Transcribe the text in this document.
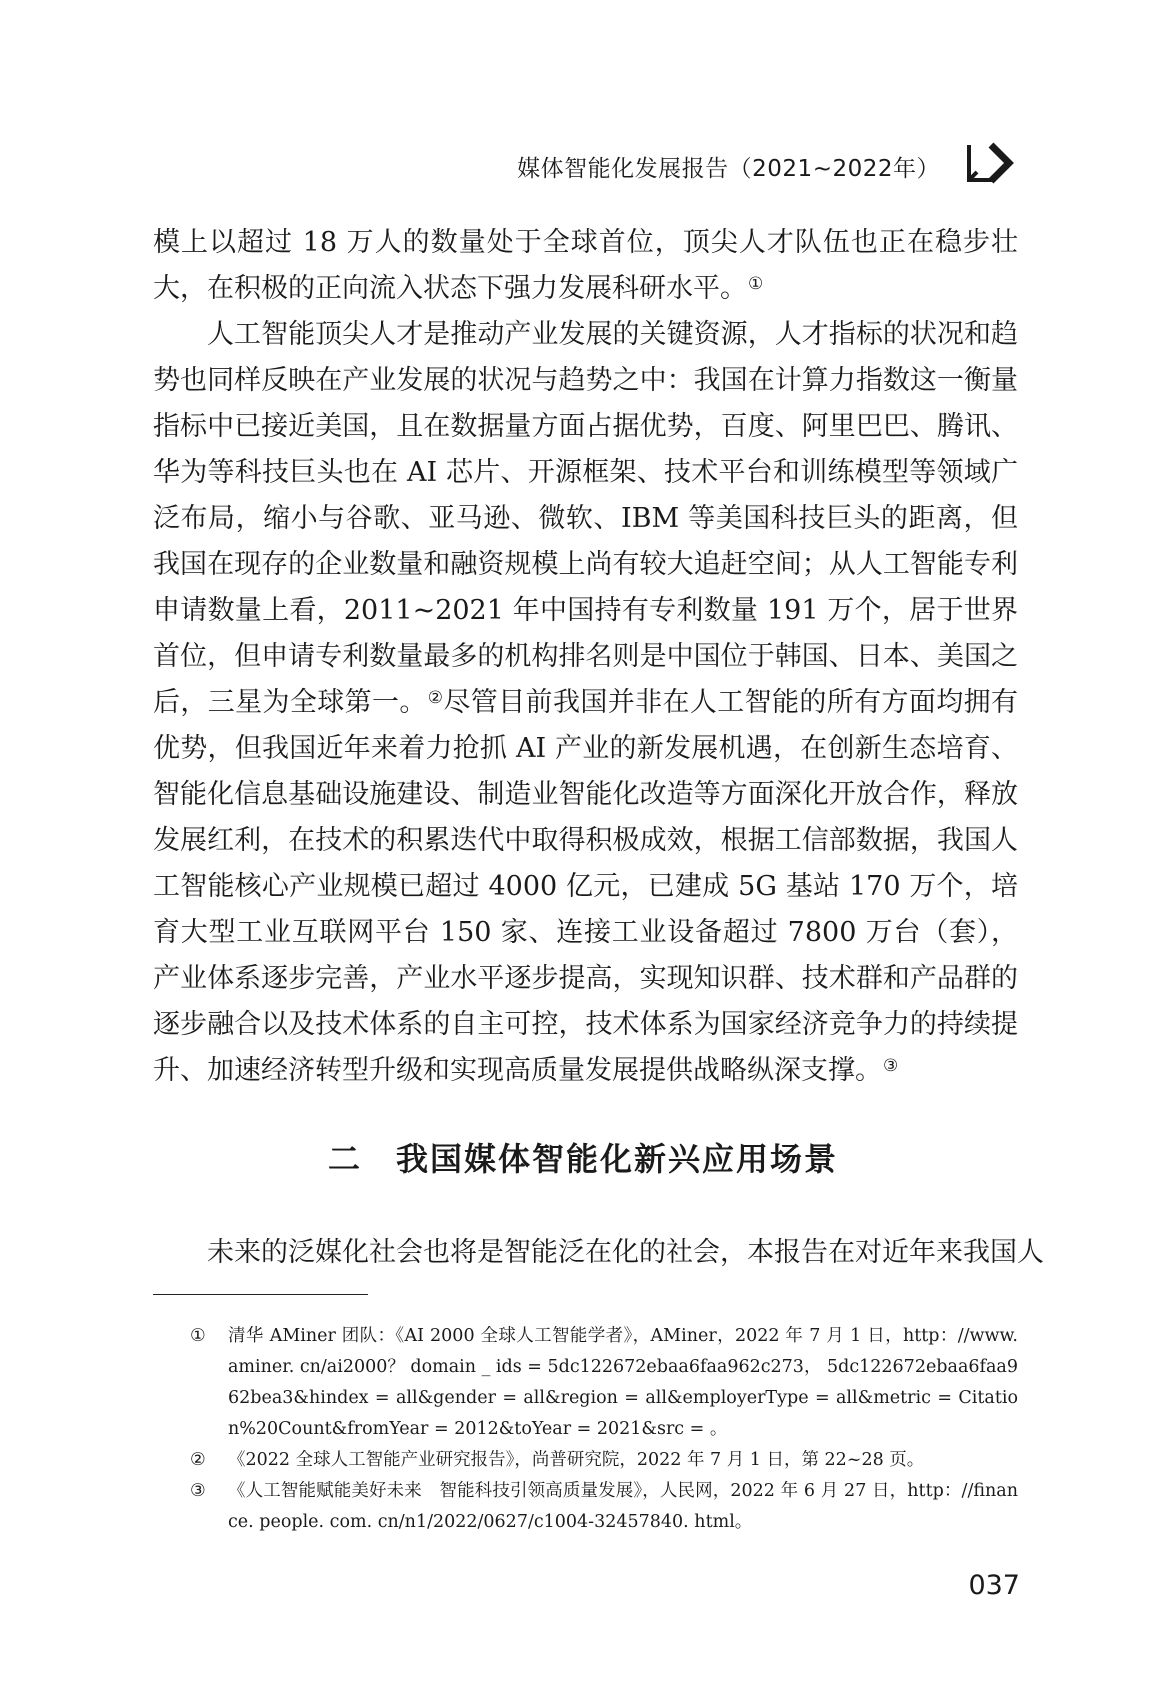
媒体智能化发展报告（2021~2022年）

模上以超过 18 万人的数量处于全球首位，顶尖人才队伍也正在稳步壮大，在积极的正向流入状态下强力发展科研水平。①

人工智能顶尖人才是推动产业发展的关键资源，人才指标的状况和趋势也同样反映在产业发展的状况与趋势之中：我国在计算力指数这一衡量指标中已接近美国，且在数据量方面占据优势，百度、阿里巴巴、腾讯、华为等科技巨头也在 AI 芯片、开源框架、技术平台和训练模型等领域广泛布局，缩小与谷歌、亚马逊、微软、IBM 等美国科技巨头的距离，但我国在现存的企业数量和融资规模上尚有较大追赶空间；从人工智能专利申请数量上看，2011~2021 年中国持有专利数量 191 万个，居于世界首位，但申请专利数量最多的机构排名则是中国位于韩国、日本、美国之后，三星为全球第一。②尽管目前我国并非在人工智能的所有方面均拥有优势，但我国近年来着力抢抓 AI 产业的新发展机遇，在创新生态培育、智能化信息基础设施建设、制造业智能化改造等方面深化开放合作，释放发展红利，在技术的积累迭代中取得积极成效，根据工信部数据，我国人工智能核心产业规模已超过 4000 亿元，已建成 5G 基站 170 万个，培育大型工业互联网平台 150 家、连接工业设备超过 7800 万台（套），产业体系逐步完善，产业水平逐步提高，实现知识群、技术群和产品群的逐步融合以及技术体系的自主可控，技术体系为国家经济竞争力的持续提升、加速经济转型升级和实现高质量发展提供战略纵深支撑。③

二 我国媒体智能化新兴应用场景
未来的泛媒化社会也将是智能泛在化的社会，本报告在对近年来我国人
① 清华 AMiner 团队：《AI 2000 全球人工智能学者》，AMiner，2022 年 7 月 1 日，http：//www. aminer. cn/ai2000？ domain _ ids = 5dc122672ebaa6faa962c273， 5dc122672ebaa6faa962bea3&hindex = all&gender = all&region = all&employerType = all&metric = Citation%20Count&fromYear = 2012&toYear = 2021&src = 。
② 《2022 全球人工智能产业研究报告》，尚普研究院，2022 年 7 月 1 日，第 22~28 页。
③ 《人工智能赋能美好未来　智能科技引领高质量发展》，人民网，2022 年 6 月 27 日，http：//finance. people. com. cn/n1/2022/0627/c1004-32457840. html。
037
